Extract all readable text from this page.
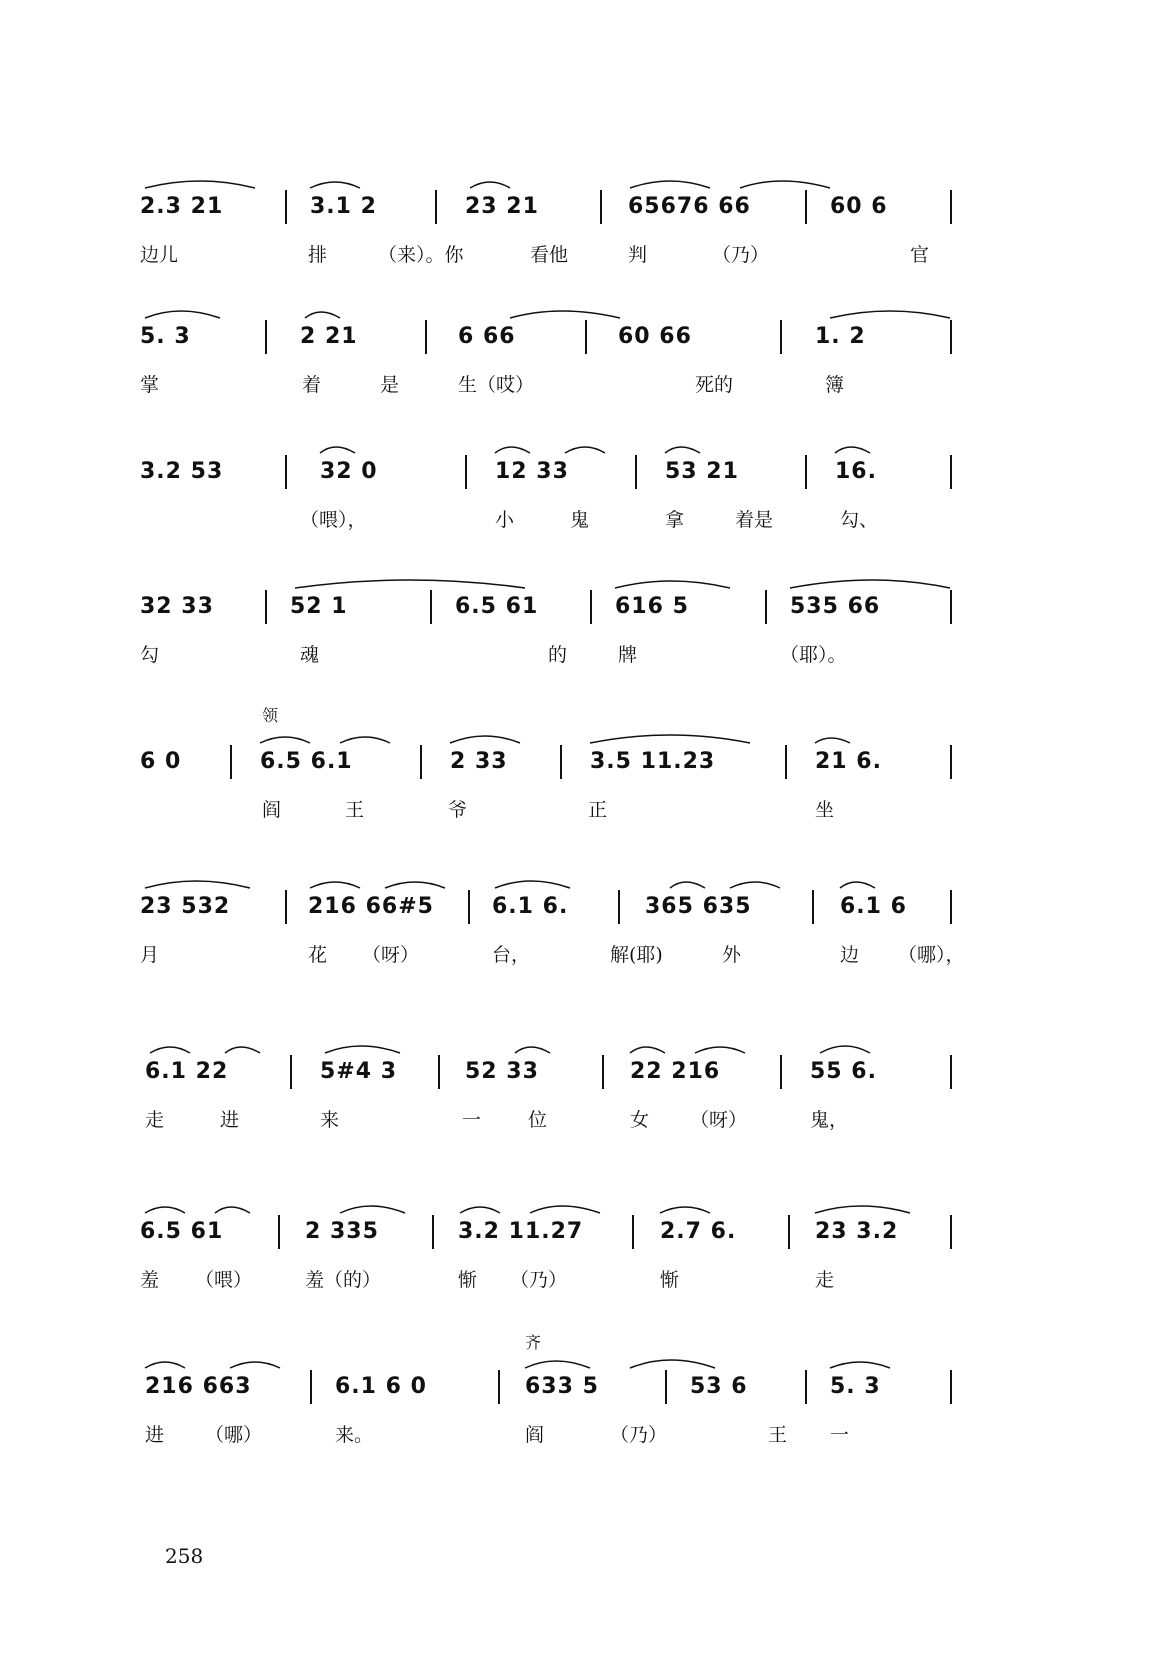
2.3 21	3.1 2	23 21	65676 66	60 6
边儿	排	（来）。你	看他	判	（乃）	官
5. 3	2 21	6 66	60 66	1. 2
掌	着	是	生（哎）	死的	簿
3.2 53	32 0	12 33	53 21	16.
（喂），	小	鬼	拿	着是	勾、
32 33	52 1	6.5 61	616 5	535 66
勾	魂	的	牌	（耶）。
领
6 0	6.5 6.1	2 33	3.5 11.23	21 6.
阎	王	爷	正	坐
23 532	216 66#5	6.1 6.	365 635	6.1 6
月	花 （呀）	台，	解(耶)	外	边 （哪），
6.1 22	5#4 3	52 33	22 216	55 6.
走	进	来	一 位	女 （呀）	鬼，
6.5 61	2 335	3.2 11.27	2.7 6.	23 3.2
羞 （喂）	羞（的）	惭 （乃）	惭	走
齐
216 663	6.1 6 0	633 5	53 6	5. 3
进 （哪）	来。	阎	（乃）	王 一
258
